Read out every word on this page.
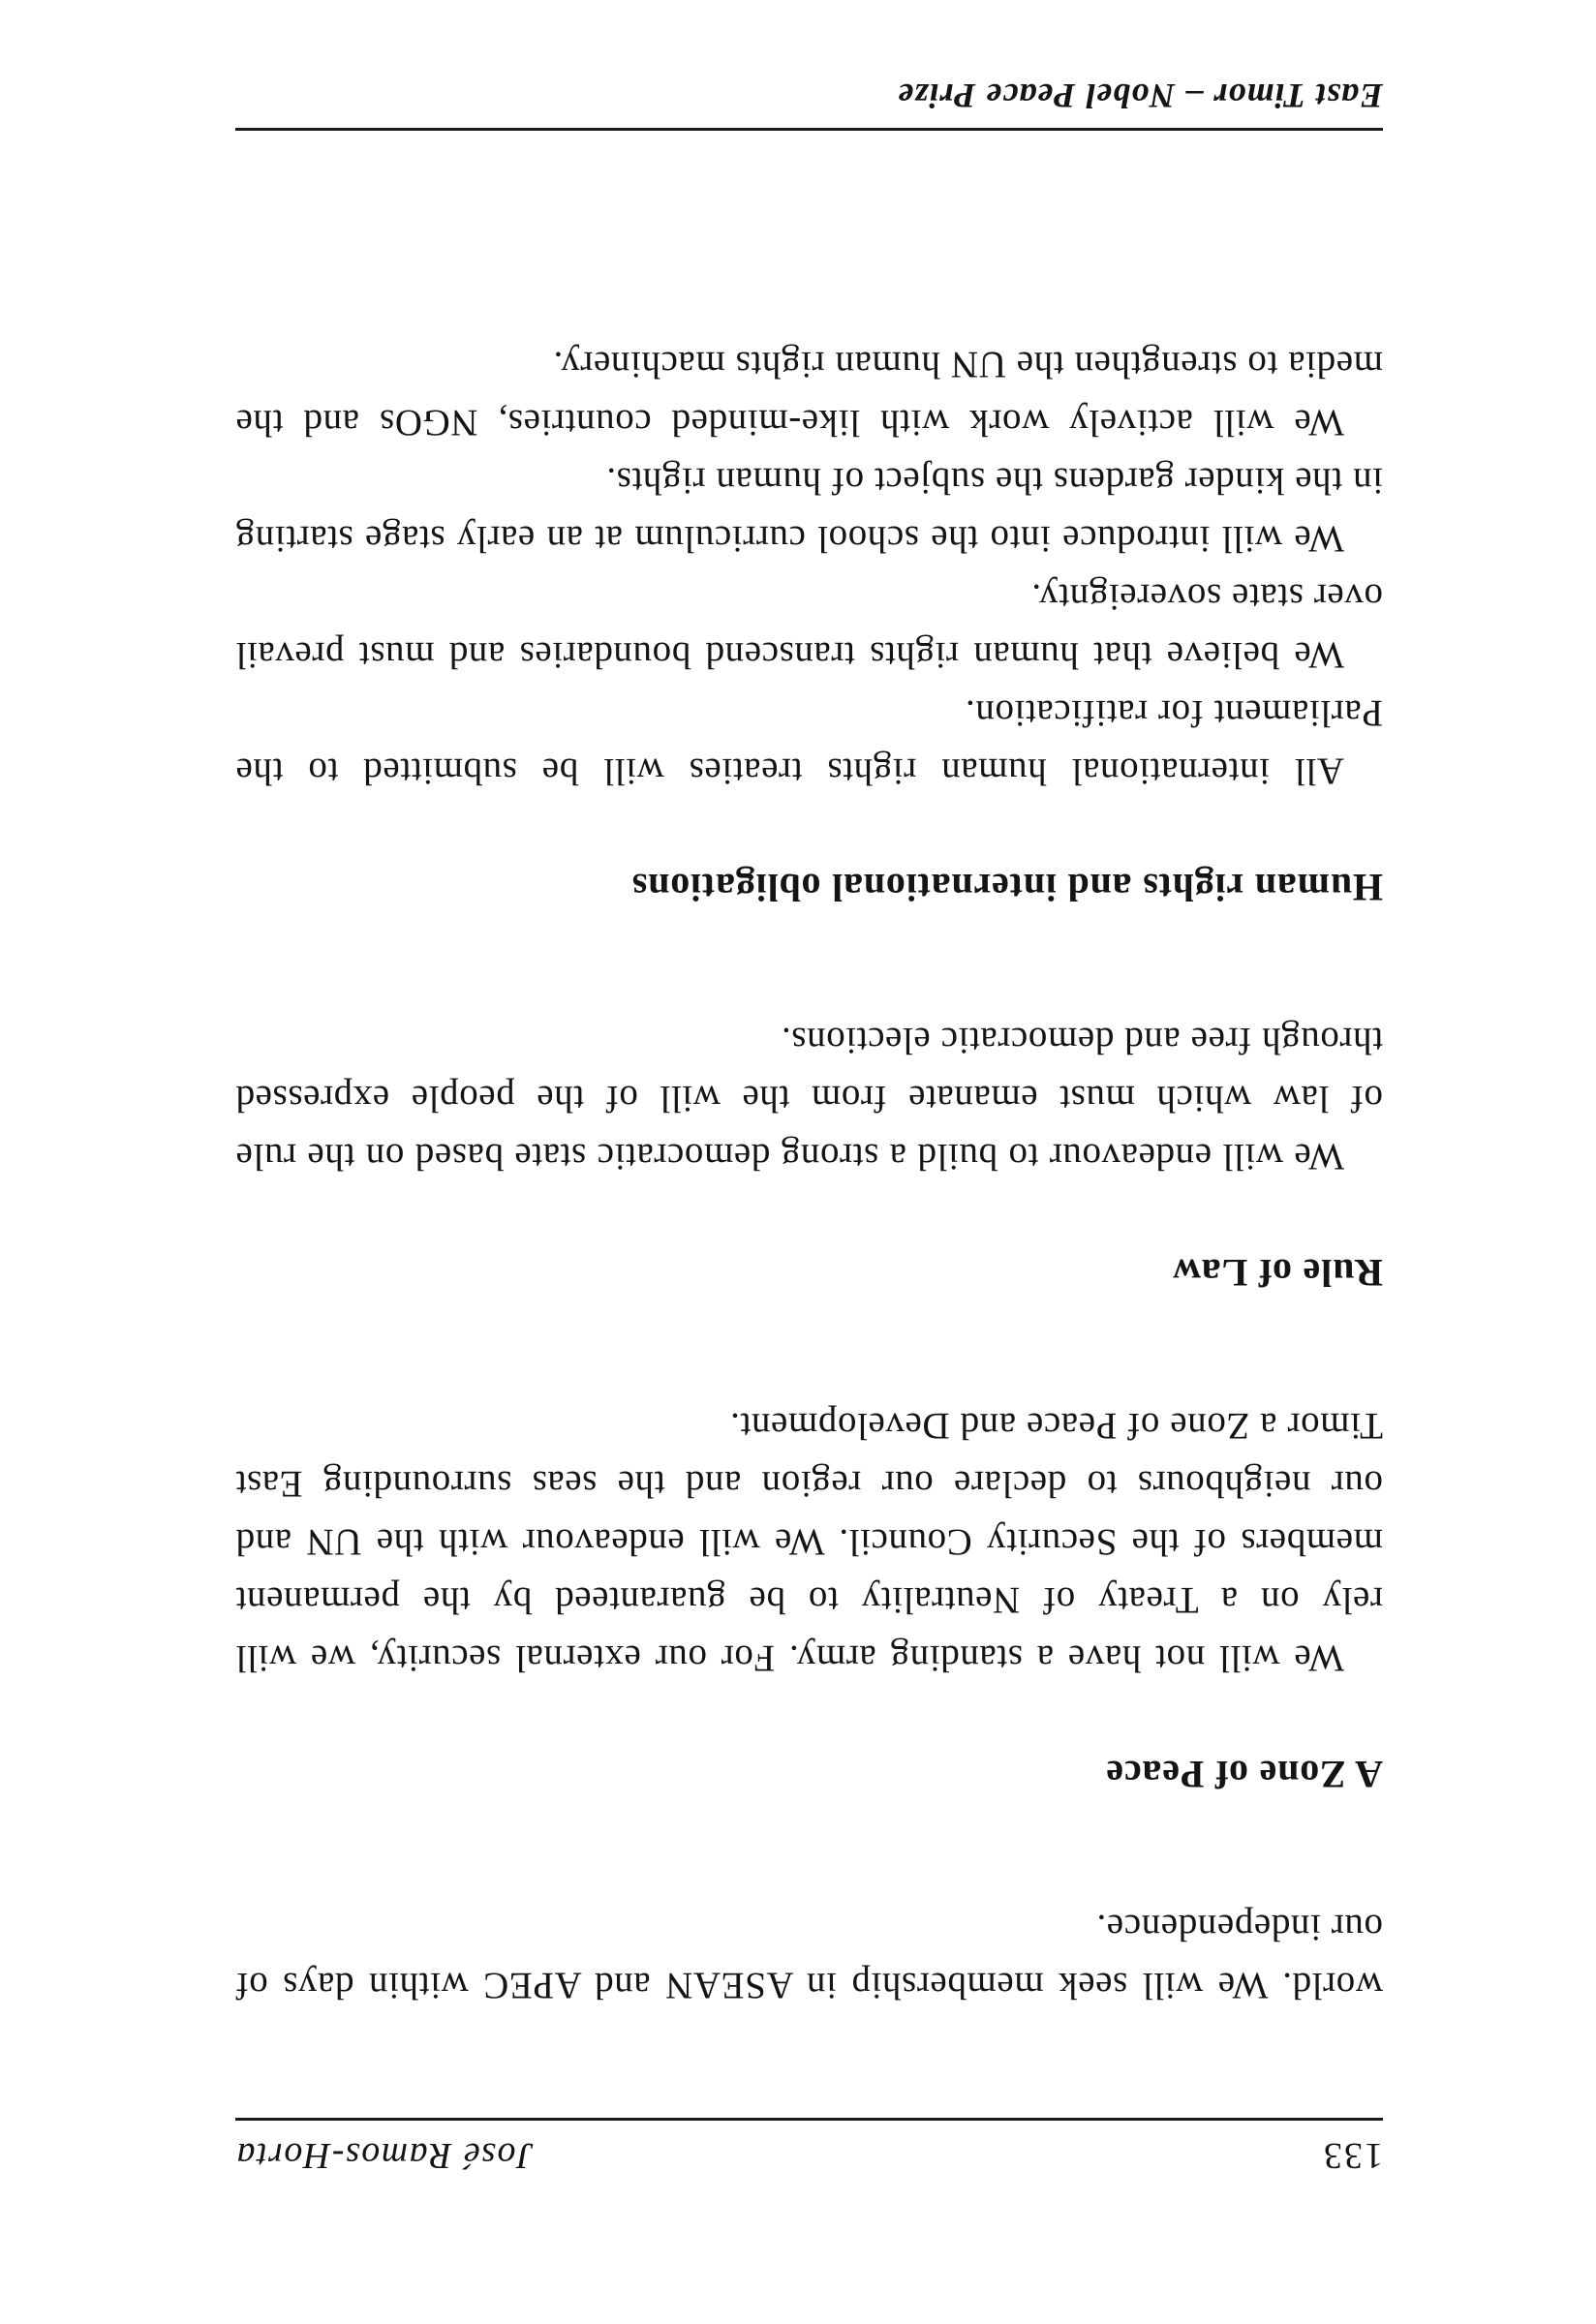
133
José Ramos-Horta

world. We will seek membership in ASEAN and APEC within days of our independence.

A Zone of Peace

We will not have a standing army. For our external security, we will rely on a Treaty of Neutrality to be guaranteed by the permanent members of the Security Council. We will endeavour with the UN and our neighbours to declare our region and the seas surrounding East Timor a Zone of Peace and Development.

Rule of Law

We will endeavour to build a strong democratic state based on the rule of law which must emanate from the will of the people expressed through free and democratic elections.

Human rights and international obligations

All international human rights treaties will be submitted to the Parliament for ratification.

We believe that human rights transcend boundaries and must prevail over state sovereignty.

We will introduce into the school curriculum at an early stage starting in the kinder gardens the subject of human rights.

We will actively work with like-minded countries, NGOs and the media to strengthen the UN human rights machinery.

East Timor – Nobel Peace Prize
